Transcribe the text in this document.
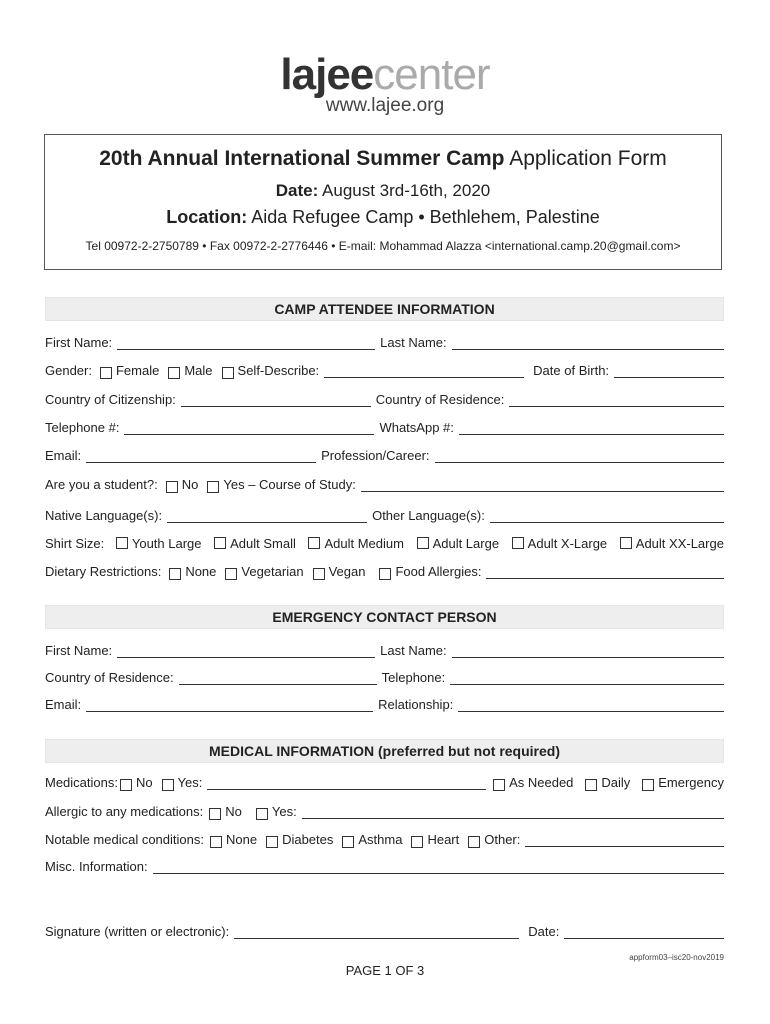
lajeecenter
www.lajee.org
20th Annual International Summer Camp Application Form
Date: August 3rd-16th, 2020
Location: Aida Refugee Camp • Bethlehem, Palestine
Tel 00972-2-2750789 • Fax 00972-2-2776446 • E-mail: Mohammad Alazza <international.camp.20@gmail.com>
CAMP ATTENDEE INFORMATION
First Name:	Last Name:
Gender: Female Male Self-Describe:	Date of Birth:
Country of Citizenship:	Country of Residence:
Telephone #:	WhatsApp #:
Email:	Profession/Career:
Are you a student?: No Yes – Course of Study:
Native Language(s):	Other Language(s):
Shirt Size:	Youth Large	Adult Small	Adult Medium	Adult Large	Adult X-Large	Adult XX-Large
Dietary Restrictions: None Vegetarian Vegan Food Allergies:
EMERGENCY CONTACT PERSON
First Name:	Last Name:
Country of Residence:	Telephone:
Email:	Relationship:
MEDICAL INFORMATION (preferred but not required)
Medications: No Yes:	As Needed Daily Emergency
Allergic to any medications: No Yes:
Notable medical conditions: None Diabetes Asthma Heart Other:
Misc. Information:
Signature (written or electronic):	Date:
appform03–isc20-nov2019
PAGE 1 OF 3
